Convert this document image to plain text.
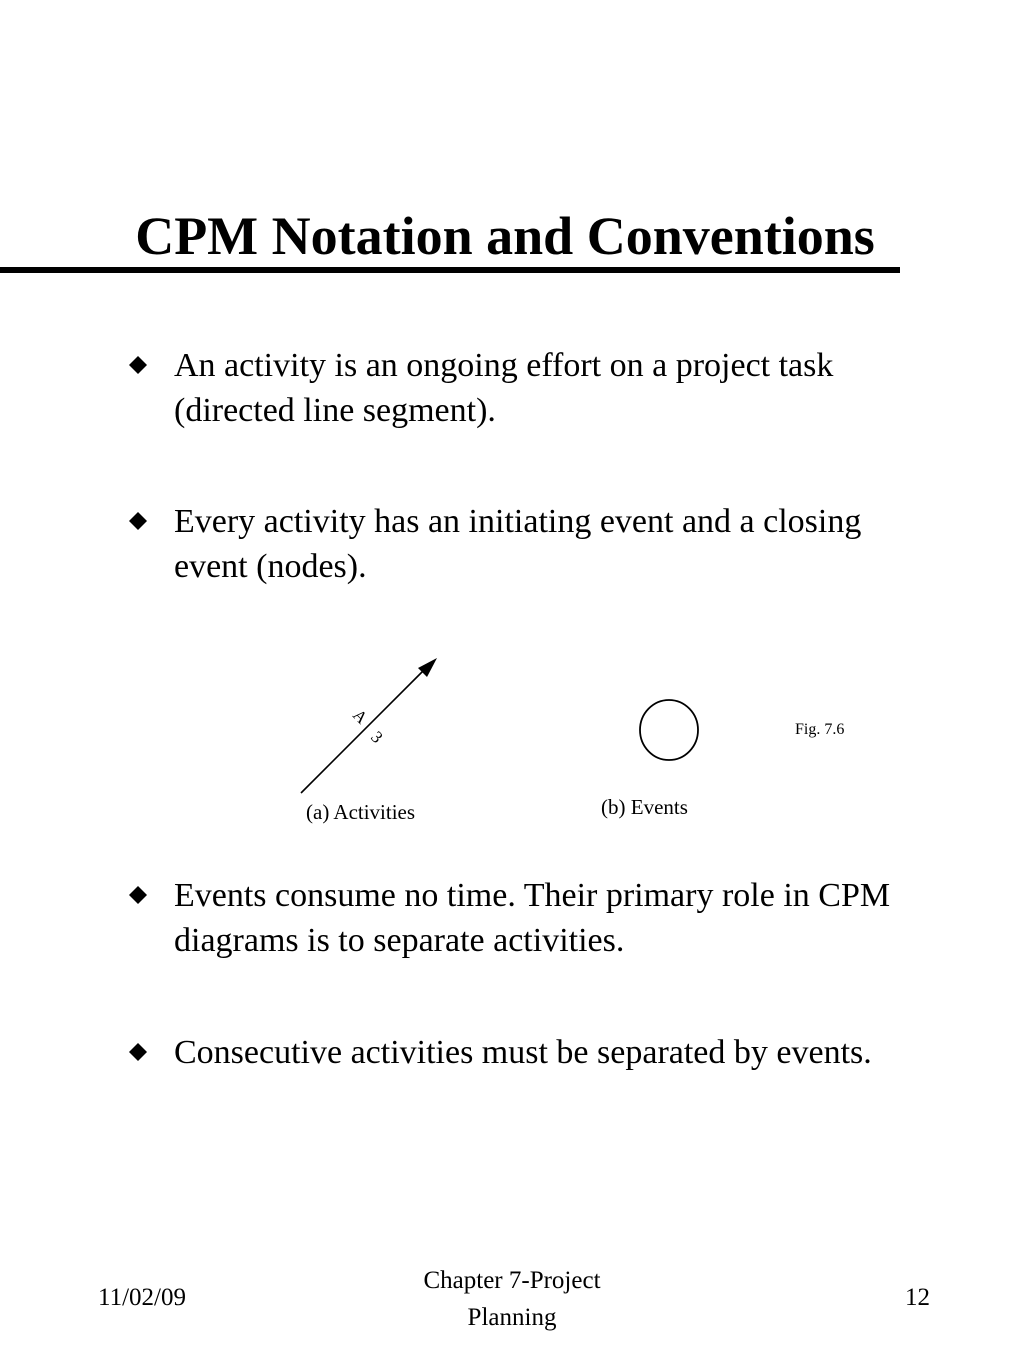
CPM Notation and Conventions
An activity is an ongoing effort on a project task (directed line segment).
Every activity has an initiating event and a closing event (nodes).
A
3
(a) Activities	(b) Events
Fig. 7.6
Events consume no time. Their primary role in CPM diagrams is to separate activities.
Consecutive activities must be separated by events.
11/02/09
Chapter 7-Project
Planning
12
